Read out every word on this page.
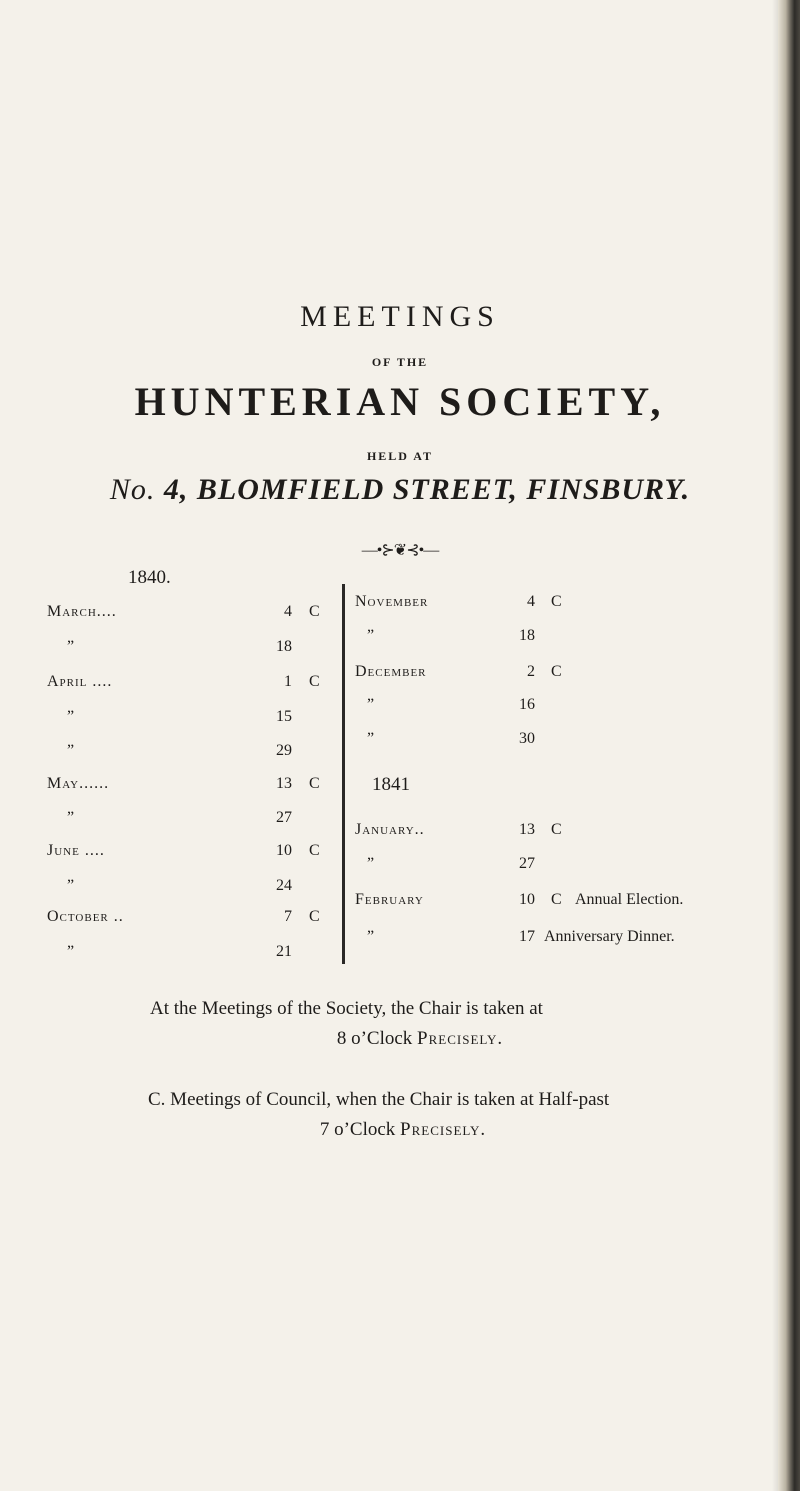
MEETINGS
OF THE
HUNTERIAN SOCIETY,
HELD AT
No. 4, BLOMFIELD STREET, FINSBURY.
—•⊱❦⊰•—
1840.
March....	4 C
”	18
April ....	1 C
”	15
”	29
May......	13 C
”	27
June ....	10 C
”	24
October ..	7 C
”	21
November	4 C
”	18
December	2 C
”	16
”	30
1841
January..	13 C
”	27
February	10 C Annual Election.
”	17 Anniversary Dinner.
At the Meetings of the Society, the Chair is taken at
8 o’Clock Precisely.
C. Meetings of Council, when the Chair is taken at Half-past
7 o’Clock Precisely.
